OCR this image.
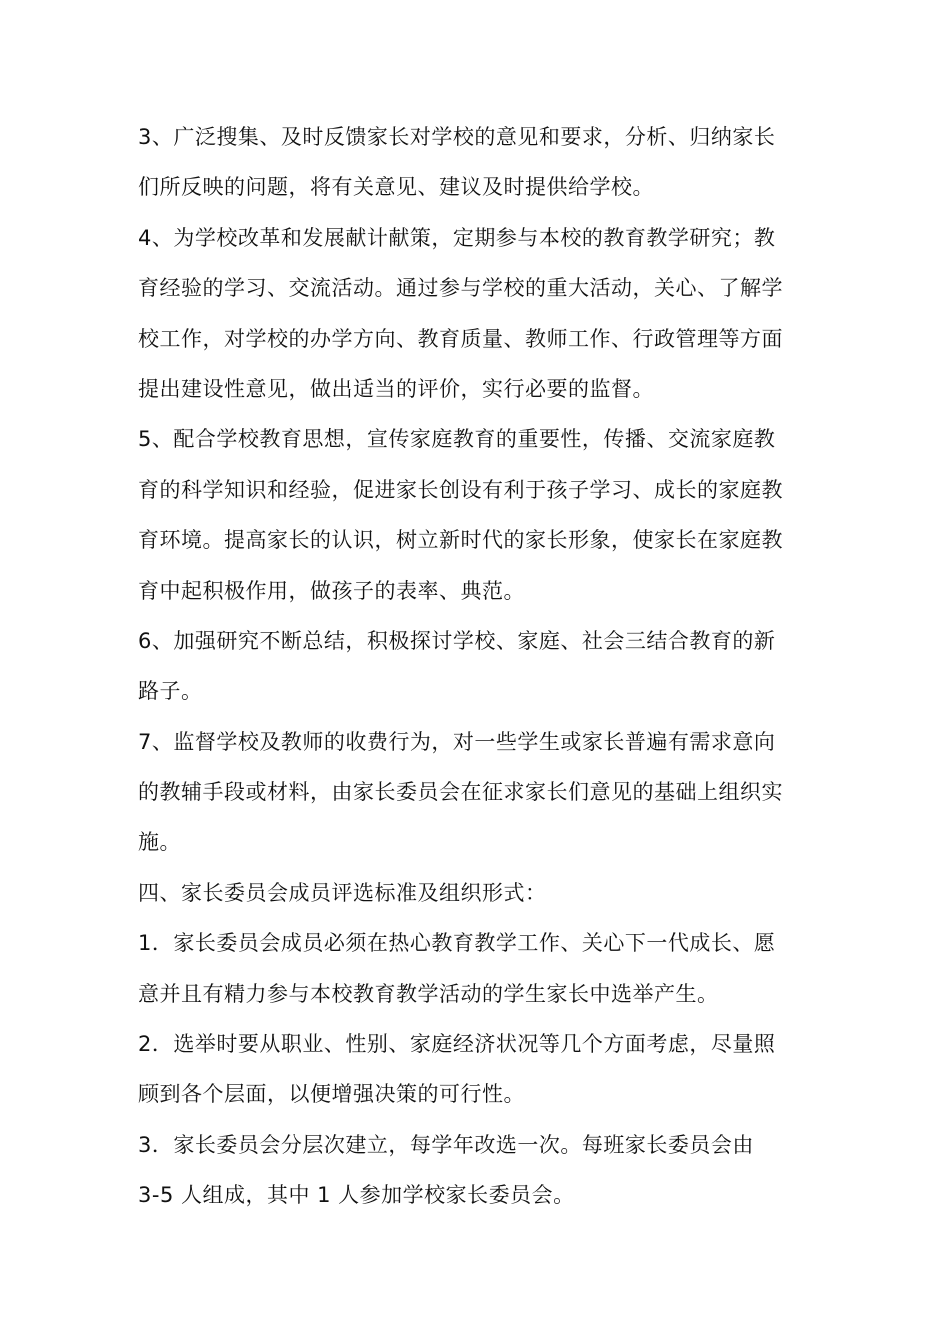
3、广泛搜集、及时反馈家长对学校的意见和要求，分析、归纳家长
们所反映的问题，将有关意见、建议及时提供给学校。
4、为学校改革和发展献计献策，定期参与本校的教育教学研究；教
育经验的学习、交流活动。通过参与学校的重大活动，关心、了解学
校工作，对学校的办学方向、教育质量、教师工作、行政管理等方面
提出建设性意见，做出适当的评价，实行必要的监督。
5、配合学校教育思想，宣传家庭教育的重要性，传播、交流家庭教
育的科学知识和经验，促进家长创设有利于孩子学习、成长的家庭教
育环境。提高家长的认识，树立新时代的家长形象，使家长在家庭教
育中起积极作用，做孩子的表率、典范。
6、加强研究不断总结，积极探讨学校、家庭、社会三结合教育的新
路子。
7、监督学校及教师的收费行为，对一些学生或家长普遍有需求意向
的教辅手段或材料，由家长委员会在征求家长们意见的基础上组织实
施。
四、家长委员会成员评选标准及组织形式：
1．家长委员会成员必须在热心教育教学工作、关心下一代成长、愿
意并且有精力参与本校教育教学活动的学生家长中选举产生。
2．选举时要从职业、性别、家庭经济状况等几个方面考虑，尽量照
顾到各个层面，以便增强决策的可行性。
3．家长委员会分层次建立，每学年改选一次。每班家长委员会由
3-5 人组成，其中 1 人参加学校家长委员会。
